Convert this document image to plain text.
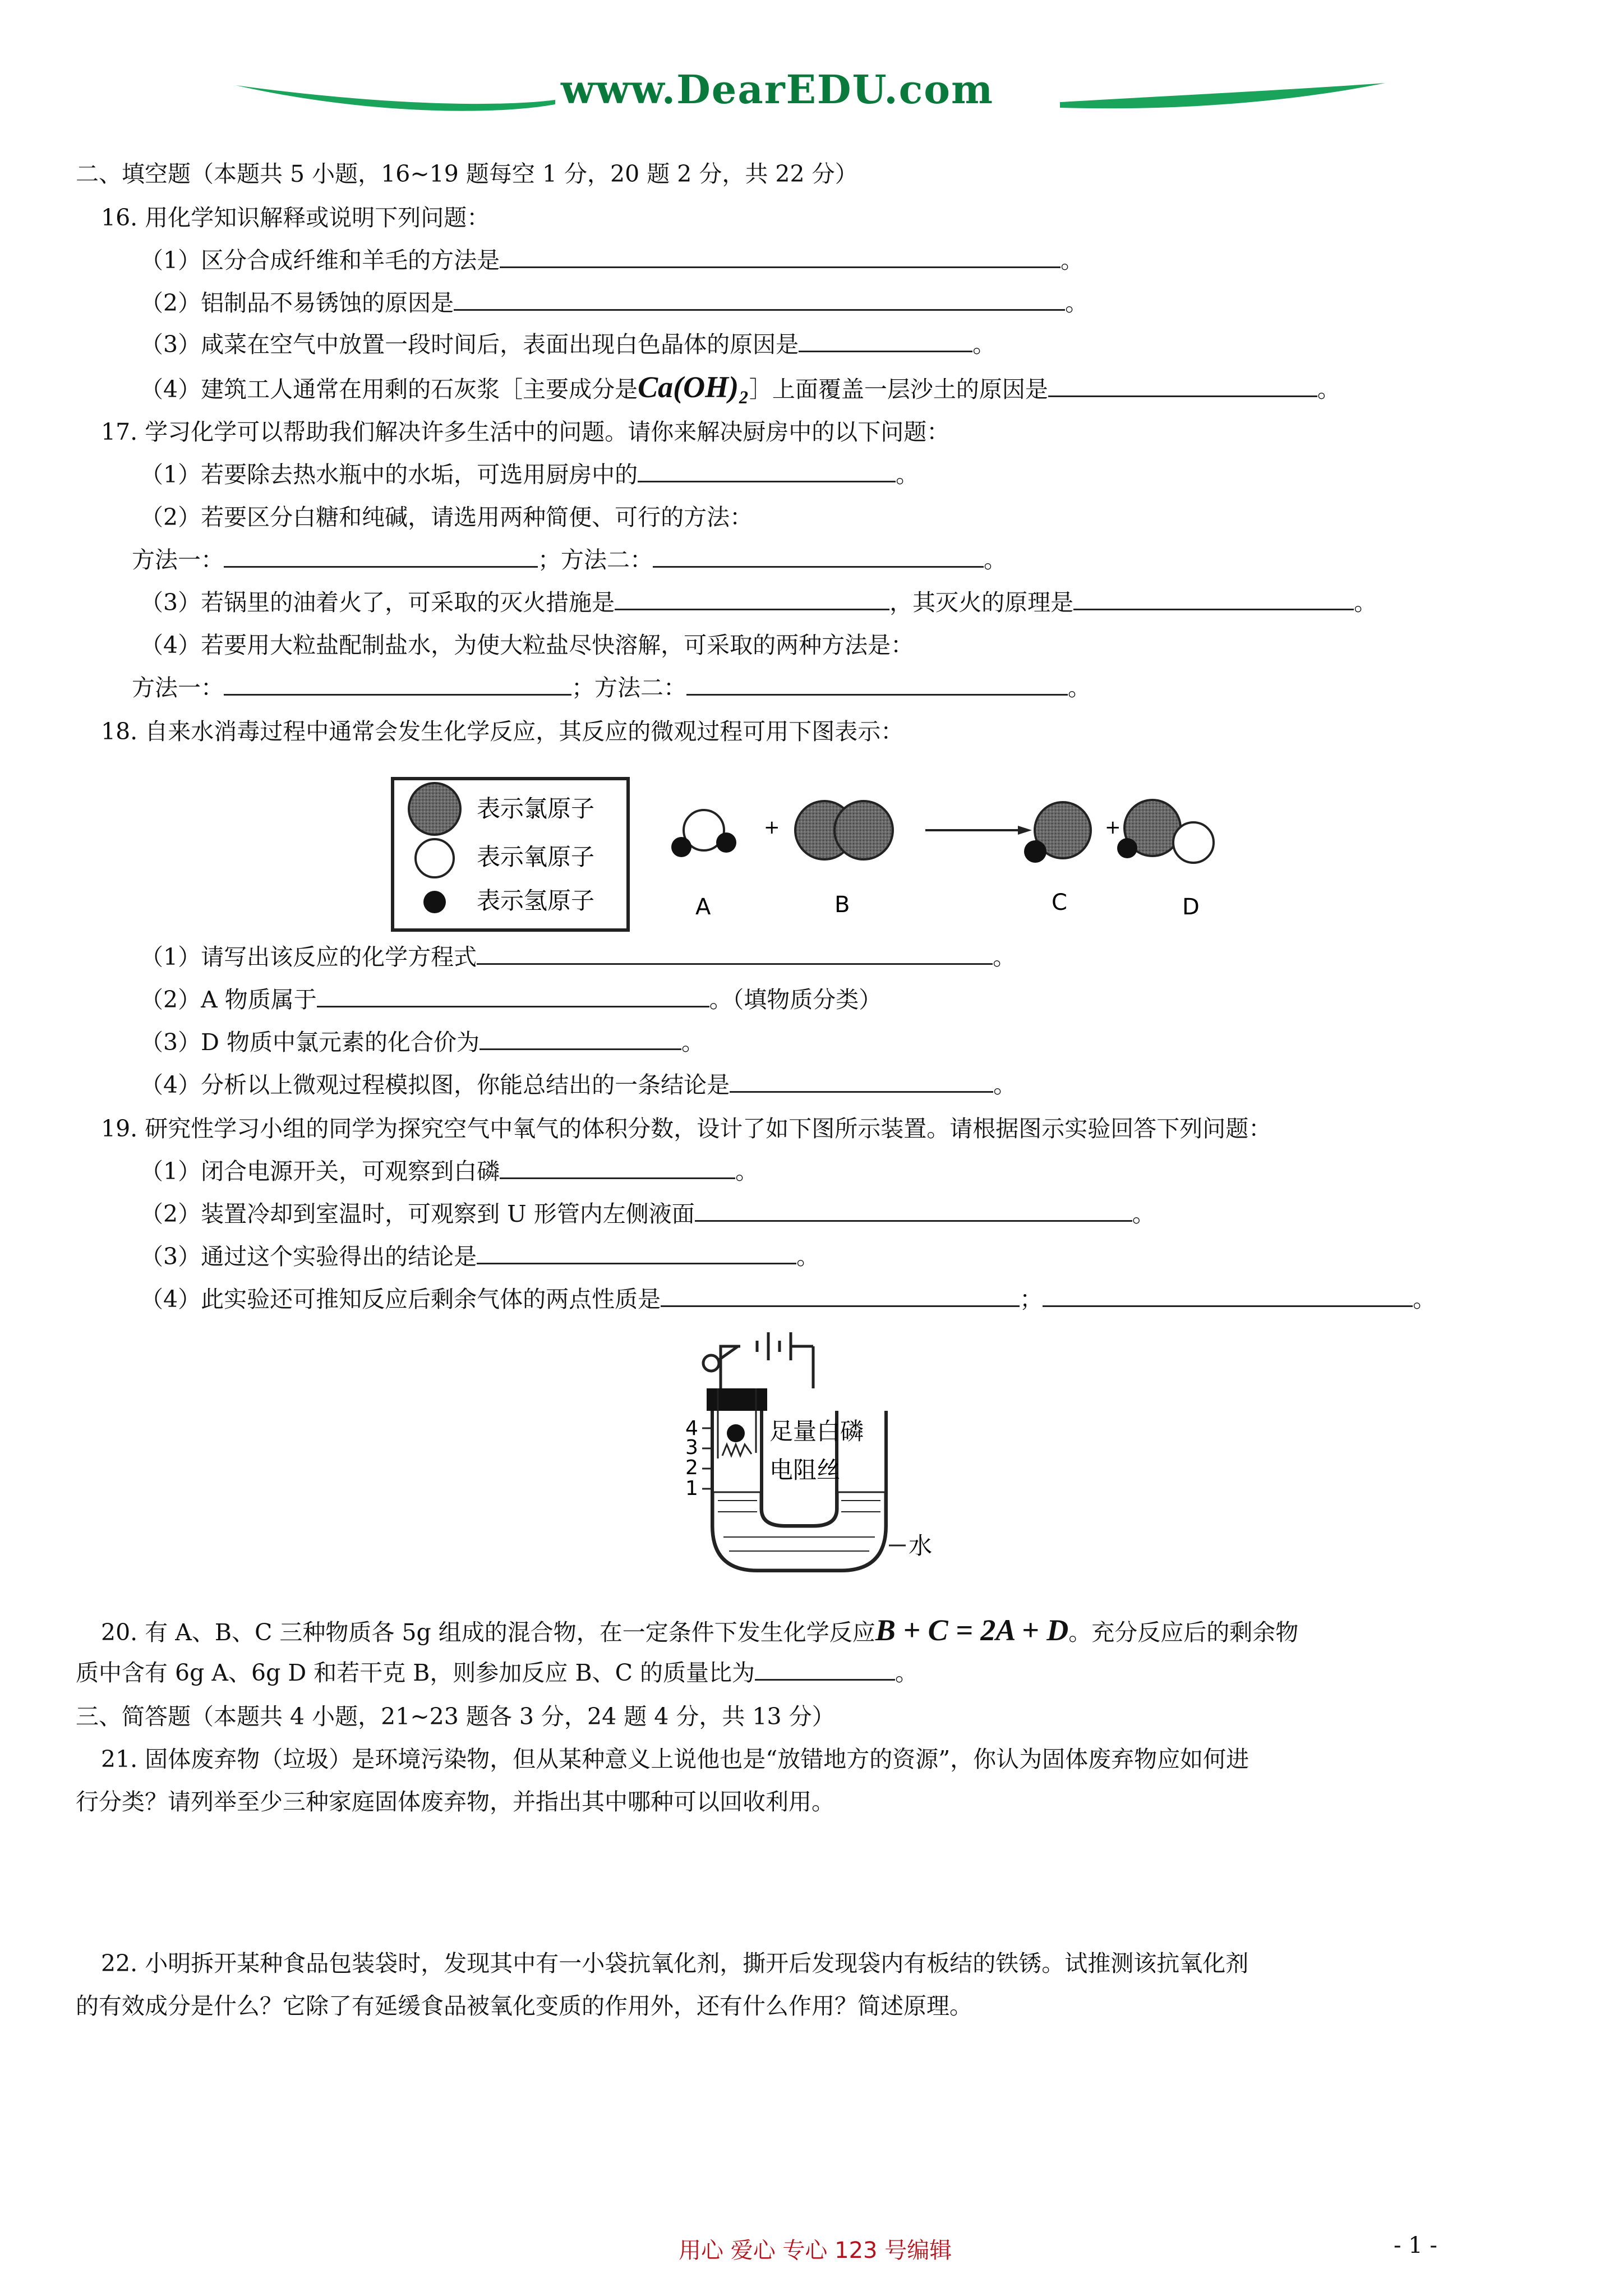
www.DearEDU.com
二、填空题（本题共 5 小题，16~19 题每空 1 分，20 题 2 分，共 22 分）
16. 用化学知识解释或说明下列问题：
（1）区分合成纤维和羊毛的方法是	。
（2）铝制品不易锈蚀的原因是	。
（3）咸菜在空气中放置一段时间后，表面出现白色晶体的原因是	。
（4）建筑工人通常在用剩的石灰浆［主要成分是Ca(OH)₂］上面覆盖一层沙土的原因是	。
17. 学习化学可以帮助我们解决许多生活中的问题。请你来解决厨房中的以下问题：
（1）若要除去热水瓶中的水垢，可选用厨房中的	。
（2）若要区分白糖和纯碱，请选用两种简便、可行的方法：
方法一：	；方法二：	。
（3）若锅里的油着火了，可采取的灭火措施是	，其灭火的原理是	。
（4）若要用大粒盐配制盐水，为使大粒盐尽快溶解，可采取的两种方法是：
方法一：	；方法二：	。
18. 自来水消毒过程中通常会发生化学反应，其反应的微观过程可用下图表示：
表示氯原子
表示氧原子
表示氢原子
+	+
A	B	C	D
（1）请写出该反应的化学方程式	。
（2）A 物质属于	。（填物质分类）
（3）D 物质中氯元素的化合价为	。
（4）分析以上微观过程模拟图，你能总结出的一条结论是	。
19. 研究性学习小组的同学为探究空气中氧气的体积分数，设计了如下图所示装置。请根据图示实验回答下列问题：
（1）闭合电源开关，可观察到白磷	。
（2）装置冷却到室温时，可观察到 U 形管内左侧液面	。
（3）通过这个实验得出的结论是	。
（4）此实验还可推知反应后剩余气体的两点性质是	；	。
4
3
2
1
足量白磷
电阻丝
水
20. 有 A、B、C 三种物质各 5g 组成的混合物，在一定条件下发生化学反应B + C = 2A + D。充分反应后的剩余物
质中含有 6g A、6g D 和若干克 B，则参加反应 B、C 的质量比为	。
三、简答题（本题共 4 小题，21~23 题各 3 分，24 题 4 分，共 13 分）
21. 固体废弃物（垃圾）是环境污染物，但从某种意义上说他也是“放错地方的资源”，你认为固体废弃物应如何进
行分类？请列举至少三种家庭固体废弃物，并指出其中哪种可以回收利用。
22. 小明拆开某种食品包装袋时，发现其中有一小袋抗氧化剂，撕开后发现袋内有板结的铁锈。试推测该抗氧化剂
的有效成分是什么？它除了有延缓食品被氧化变质的作用外，还有什么作用？简述原理。
用心 爱心 专心 123 号编辑	- 1 -
